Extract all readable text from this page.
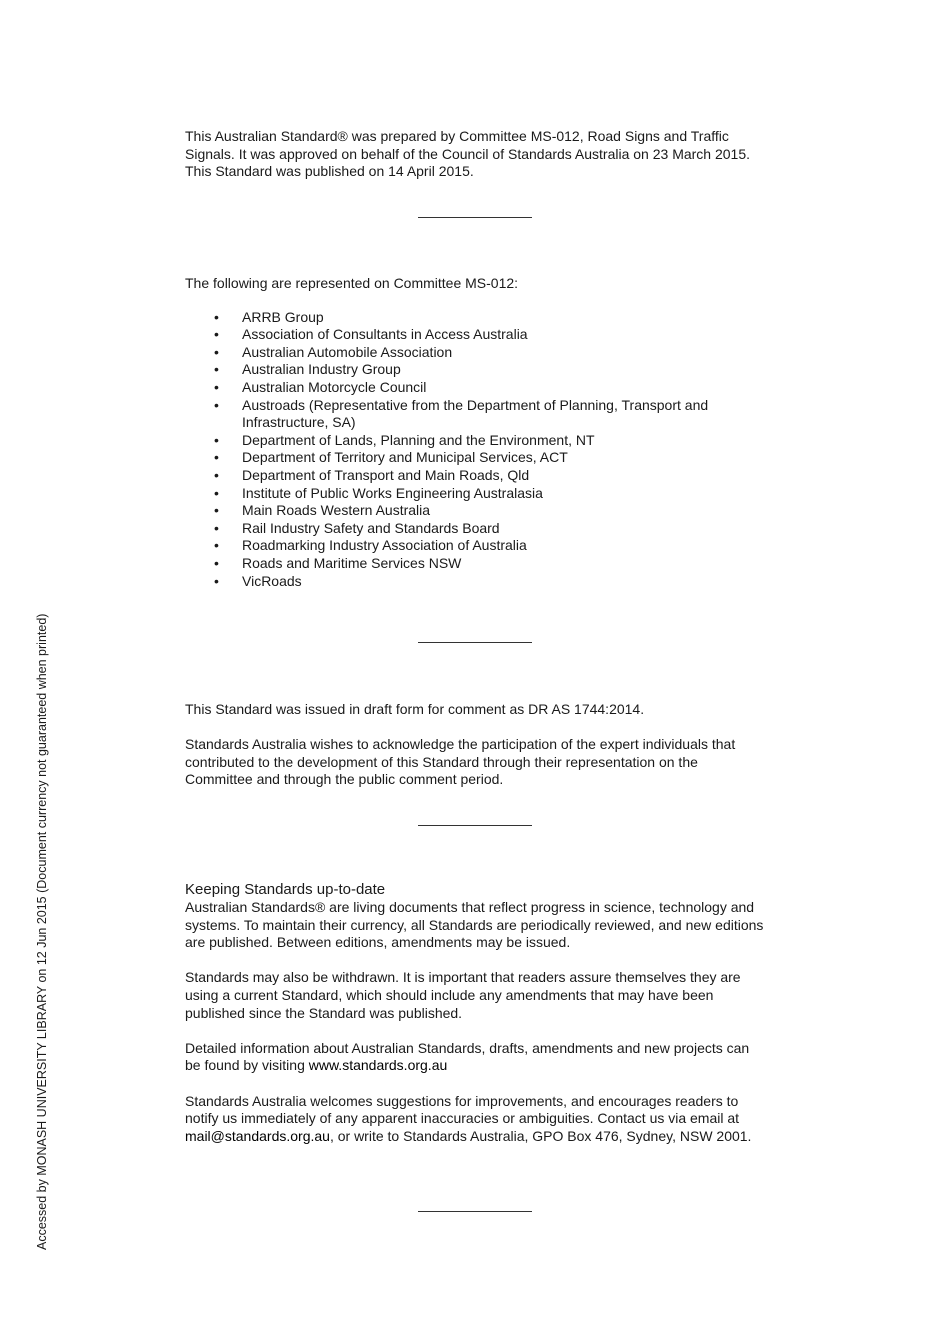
This Australian Standard® was prepared by Committee MS-012, Road Signs and Traffic

Signals. It was approved on behalf of the Council of Standards Australia on 23 March 2015.

This Standard was published on 14 April 2015.

The following are represented on Committee MS-012:

• ARRB Group
• Association of Consultants in Access Australia
• Australian Automobile Association
• Australian Industry Group
• Australian Motorcycle Council
• Austroads (Representative from the Department of Planning, Transport and Infrastructure, SA)
• Department of Lands, Planning and the Environment, NT
• Department of Territory and Municipal Services, ACT
• Department of Transport and Main Roads, Qld
• Institute of Public Works Engineering Australasia
• Main Roads Western Australia
• Rail Industry Safety and Standards Board
• Roadmarking Industry Association of Australia
• Roads and Maritime Services NSW
• VicRoads

This Standard was issued in draft form for comment as DR AS 1744:2014.

Standards Australia wishes to acknowledge the participation of the expert individuals that

contributed to the development of this Standard through their representation on the

Committee and through the public comment period.

Keeping Standards up-to-date

Australian Standards® are living documents that reflect progress in science, technology and

systems. To maintain their currency, all Standards are periodically reviewed, and new editions

are published. Between editions, amendments may be issued.

Standards may also be withdrawn. It is important that readers assure themselves they are

using a current Standard, which should include any amendments that may have been

published since the Standard was published.

Detailed information about Australian Standards, drafts, amendments and new projects can

be found by visiting www.standards.org.au

Standards Australia welcomes suggestions for improvements, and encourages readers to

notify us immediately of any apparent inaccuracies or ambiguities. Contact us via email at

mail@standards.org.au, or write to Standards Australia, GPO Box 476, Sydney, NSW 2001.

Accessed by MONASH UNIVERSITY LIBRARY on 12 Jun 2015 (Document currency not guaranteed when printed)
